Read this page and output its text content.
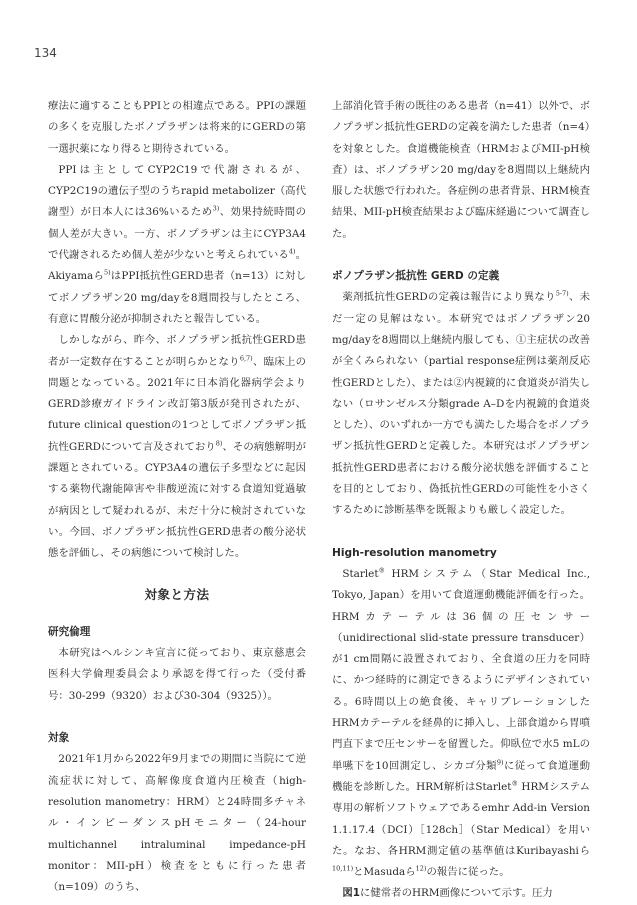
134

療法に適することもPPIとの相違点である。PPIの課題の多くを克服したボノプラザンは将来的にGERDの第一選択薬になり得ると期待されている。

PPIは主としてCYP2C19で代謝されるが、CYP2C19の遺伝子型のうちrapid metabolizer（高代謝型）が日本人には36%いるため$^{3)}$、効果持続時間の個人差が大きい。一方、ボノプラザンは主にCYP3A4で代謝されるため個人差が少ないと考えられている$^{4)}$。Akiyamaら$^{5)}$はPPI抵抗性GERD患者（n=13）に対してボノプラザン20 mg/dayを8週間投与したところ、有意に胃酸分泌が抑制されたと報告している。

しかしながら、昨今、ボノプラザン抵抗性GERD患者が一定数存在することが明らかとなり$^{6,7)}$、臨床上の問題となっている。2021年に日本消化器病学会よりGERD診療ガイドライン改訂第3版が発刊されたが、future clinical questionの1つとしてボノプラザン抵抗性GERDについて言及されており$^{8)}$、その病態解明が課題とされている。CYP3A4の遺伝子多型などに起因する薬物代謝能障害や非酸逆流に対する食道知覚過敏が病因として疑われるが、未だ十分に検討されていない。今回、ボノプラザン抵抗性GERD患者の酸分泌状態を評価し、その病態について検討した。

対象と方法
研究倫理

本研究はヘルシンキ宣言に従っており、東京慈恵会医科大学倫理委員会より承認を得て行った（受付番号：30-299（9320）および30-304（9325））。

対象

2021年1月から2022年9月までの期間に当院にて逆流症状に対して、高解像度食道内圧検査（high-resolution manometry：HRM）と24時間多チャネル・インピーダンスpHモニター（24-hour multichannel intraluminal impedance-pH monitor：MII-pH）検査をともに行った患者（n=109）のうち、

上部消化管手術の既往のある患者（n=41）以外で、ボノプラザン抵抗性GERDの定義を満たした患者（n=4）を対象とした。食道機能検査（HRMおよびMII-pH検査）は、ボノプラザン20 mg/dayを8週間以上継続内服した状態で行われた。各症例の患者背景、HRM検査結果、MII-pH検査結果および臨床経過について調査した。

ボノプラザン抵抗性 GERD の定義

薬剤抵抗性GERDの定義は報告により異なり$^{5-7)}$、未だ一定の見解はない。本研究ではボノプラザン20 mg/dayを8週間以上継続内服しても、①主症状の改善が全くみられない（partial response症例は薬剤反応性GERDとした）、または②内視鏡的に食道炎が消失しない（ロサンゼルス分類grade A–Dを内視鏡的食道炎とした）、のいずれか一方でも満たした場合をボノプラザン抵抗性GERDと定義した。本研究はボノプラザン抵抗性GERD患者における酸分泌状態を評価することを目的としており、偽抵抗性GERDの可能性を小さくするために診断基準を既報よりも厳しく設定した。

High-resolution manometry

Starlet® HRMシステム（Star Medical Inc., Tokyo, Japan）を用いて食道運動機能評価を行った。HRMカテーテルは36個の圧センサー（unidirectional slid-state pressure transducer）が1 cm間隔に設置されており、全食道の圧力を同時に、かつ経時的に測定できるようにデザインされている。6時間以上の絶食後、キャリブレーションしたHRMカテーテルを経鼻的に挿入し、上部食道から胃噴門直下まで圧センサーを留置した。仰臥位で水5 mLの単嚥下を10回測定し、シカゴ分類$^{9)}$に従って食道運動機能を診断した。HRM解析はStarlet® HRMシステム専用の解析ソフトウェアであるemhr Add-in Version 1.1.17.4（DCI）［128ch］（Star Medical）を用いた。なお、各HRM測定値の基準値はKuribayashiら$^{10,11)}$とMasudaら$^{12)}$の報告に従った。

図1に健常者のHRM画像について示す。圧力
